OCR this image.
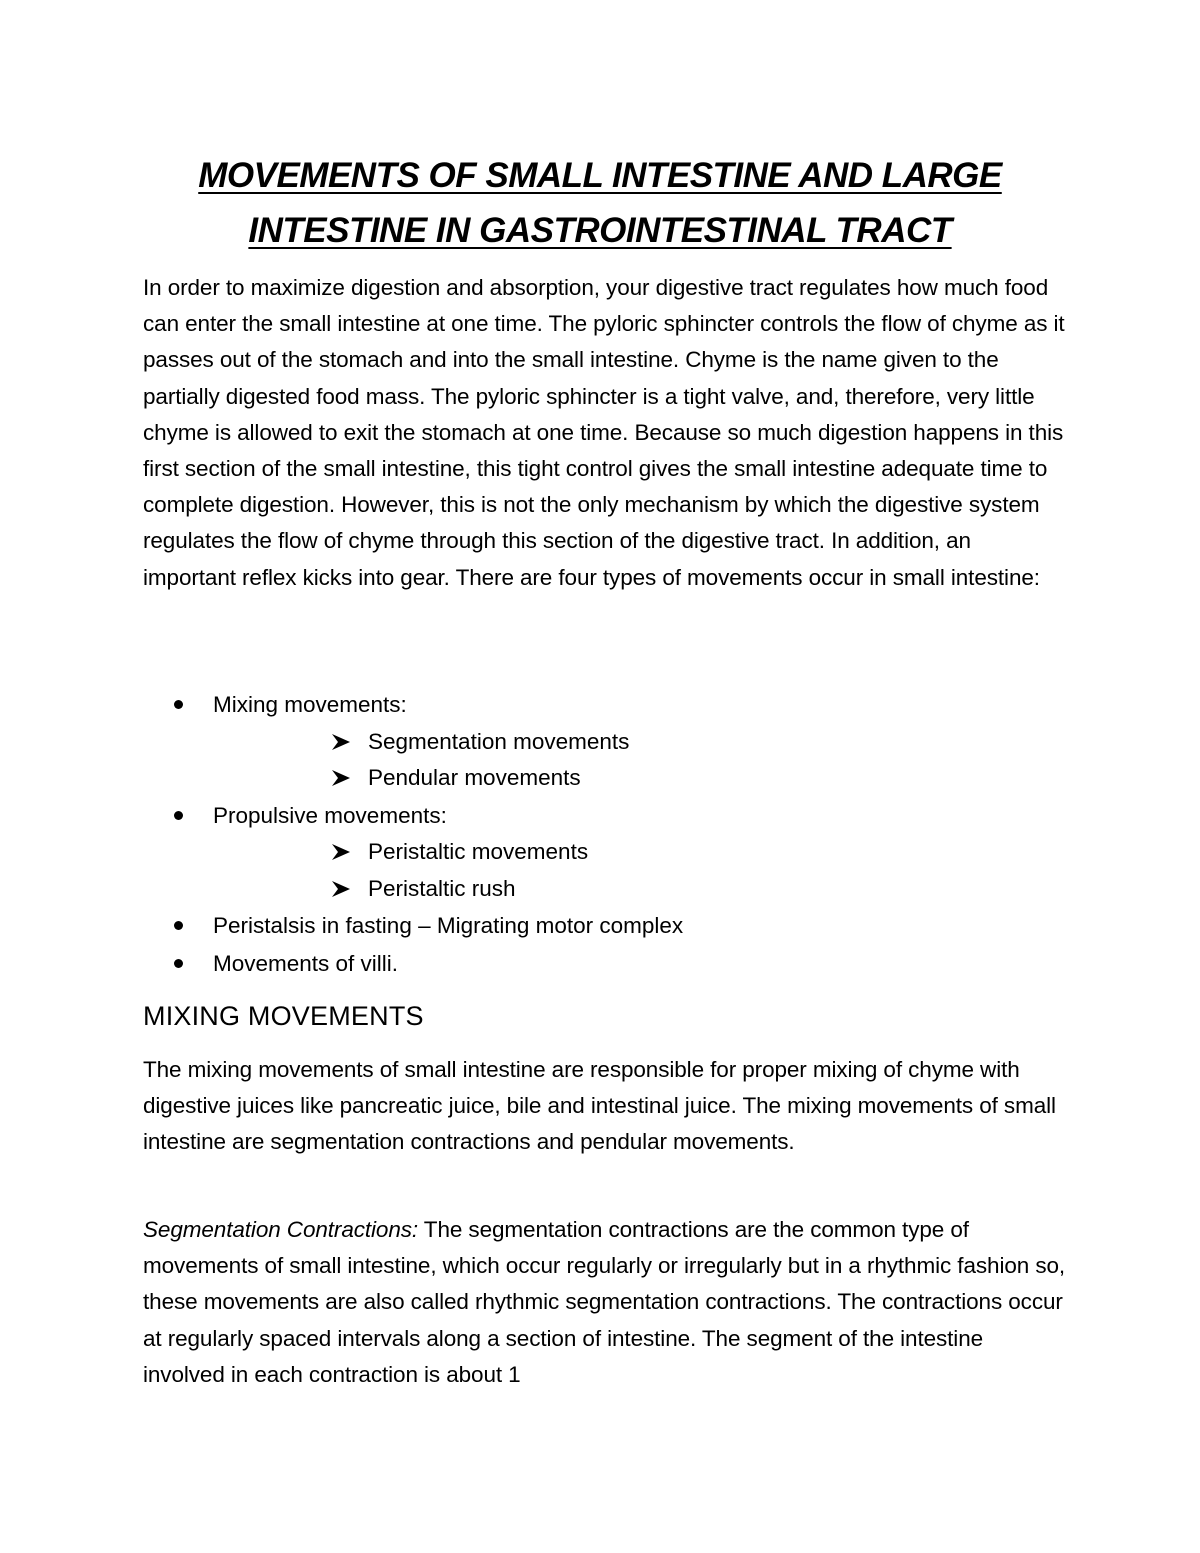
MOVEMENTS OF SMALL INTESTINE AND LARGE
INTESTINE IN GASTROINTESTINAL TRACT

In order to maximize digestion and absorption, your digestive tract regulates how much food can enter the small intestine at one time. The pyloric sphincter controls the flow of chyme as it passes out of the stomach and into the small intestine. Chyme is the name given to the partially digested food mass. The pyloric sphincter is a tight valve, and, therefore, very little chyme is allowed to exit the stomach at one time. Because so much digestion happens in this first section of the small intestine, this tight control gives the small intestine adequate time to complete digestion. However, this is not the only mechanism by which the digestive system regulates the flow of chyme through this section of the digestive tract. In addition, an important reflex kicks into gear. There are four types of movements occur in small intestine:

Mixing movements:
Segmentation movements
Pendular movements
Propulsive movements:
Peristaltic movements
Peristaltic rush
Peristalsis in fasting – Migrating motor complex
Movements of villi.
MIXING MOVEMENTS

The mixing movements of small intestine are responsible for proper mixing of chyme with digestive juices like pancreatic juice, bile and intestinal juice. The mixing movements of small intestine are segmentation contractions and pendular movements.

Segmentation Contractions: The segmentation contractions are the common type of movements of small intestine, which occur regularly or irregularly but in a rhythmic fashion so, these movements are also called rhythmic segmentation contractions. The contractions occur at regularly spaced intervals along a section of intestine. The segment of the intestine involved in each contraction is about 1
